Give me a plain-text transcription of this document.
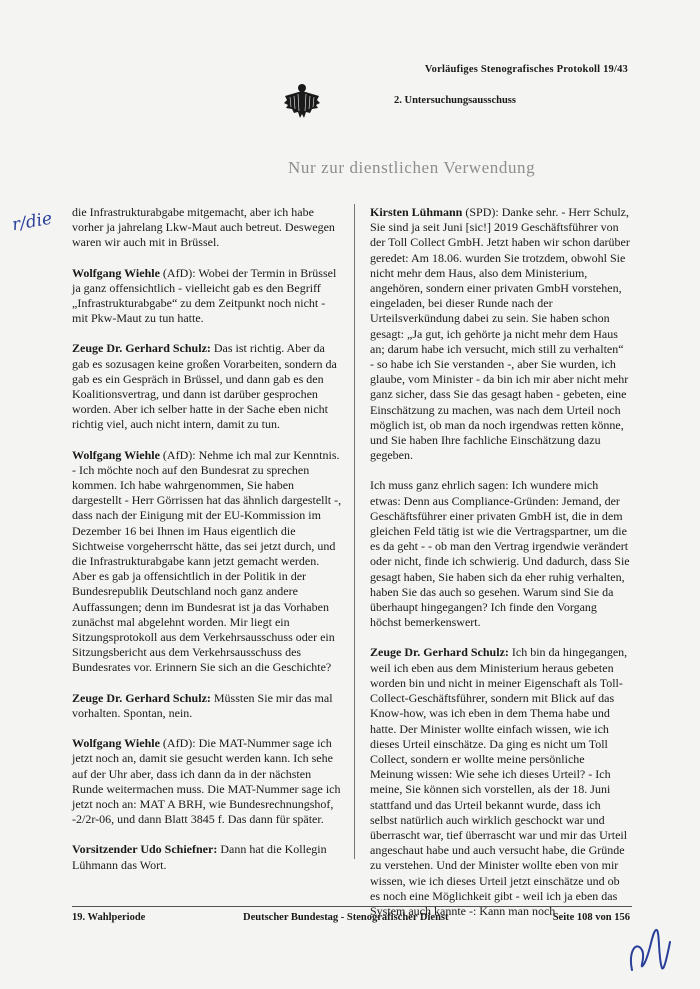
Vorläufiges Stenografisches Protokoll 19/43
2. Untersuchungsausschuss
Nur zur dienstlichen Verwendung
r/die die Infrastrukturabgabe mitgemacht, aber ich habe vorher ja jahrelang Lkw-Maut auch betreut. Deswegen waren wir auch mit in Brüssel.

Wolfgang Wiehle (AfD): Wobei der Termin in Brüssel ja ganz offensichtlich - vielleicht gab es den Begriff „Infrastrukturabgabe“ zu dem Zeitpunkt noch nicht - mit Pkw-Maut zu tun hatte.

Zeuge Dr. Gerhard Schulz: Das ist richtig. Aber da gab es sozusagen keine großen Vorarbeiten, sondern da gab es ein Gespräch in Brüssel, und dann gab es den Koalitionsvertrag, und dann ist darüber gesprochen worden. Aber ich selber hatte in der Sache eben nicht richtig viel, auch nicht intern, damit zu tun.

Wolfgang Wiehle (AfD): Nehme ich mal zur Kenntnis. - Ich möchte noch auf den Bundesrat zu sprechen kommen. Ich habe wahrgenommen, Sie haben dargestellt - Herr Görrissen hat das ähnlich dargestellt -, dass nach der Einigung mit der EU-Kommission im Dezember 16 bei Ihnen im Haus eigentlich die Sichtweise vorgeherrscht hätte, das sei jetzt durch, und die Infrastrukturabgabe kann jetzt gemacht werden. Aber es gab ja offensichtlich in der Politik in der Bundesrepublik Deutschland noch ganz andere Auffassungen; denn im Bundesrat ist ja das Vorhaben zunächst mal abgelehnt worden. Mir liegt ein Sitzungsprotokoll aus dem Verkehrsausschuss oder ein Sitzungsbericht aus dem Verkehrsausschuss des Bundesrates vor. Erinnern Sie sich an die Geschichte?

Zeuge Dr. Gerhard Schulz: Müssten Sie mir das mal vorhalten. Spontan, nein.

Wolfgang Wiehle (AfD): Die MAT-Nummer sage ich jetzt noch an, damit sie gesucht werden kann. Ich sehe auf der Uhr aber, dass ich dann da in der nächsten Runde weitermachen muss. Die MAT-Nummer sage ich jetzt noch an: MAT A BRH, wie Bundesrechnungshof, -2/2r-06, und dann Blatt 3845 f. Das dann für später.

Vorsitzender Udo Schiefner: Dann hat die Kollegin Lühmann das Wort.

Kirsten Lühmann (SPD): Danke sehr. - Herr Schulz, Sie sind ja seit Juni [sic!] 2019 Geschäftsführer von der Toll Collect GmbH. Jetzt haben wir schon darüber geredet: Am 18.06. wurden Sie trotzdem, obwohl Sie nicht mehr dem Haus, also dem Ministerium, angehören, sondern einer privaten GmbH vorstehen, eingeladen, bei dieser Runde nach der Urteilsverkündung dabei zu sein. Sie haben schon gesagt: „Ja gut, ich gehörte ja nicht mehr dem Haus an; darum habe ich versucht, mich still zu verhalten“ - so habe ich Sie verstanden -, aber Sie wurden, ich glaube, vom Minister - da bin ich mir aber nicht mehr ganz sicher, dass Sie das gesagt haben - gebeten, eine Einschätzung zu machen, was nach dem Urteil noch möglich ist, ob man da noch irgendwas retten könne, und Sie haben Ihre fachliche Einschätzung dazu gegeben.

Ich muss ganz ehrlich sagen: Ich wundere mich etwas: Denn aus Compliance-Gründen: Jemand, der Geschäftsführer einer privaten GmbH ist, die in dem gleichen Feld tätig ist wie die Vertragspartner, um die es da geht - - ob man den Vertrag irgendwie verändert oder nicht, finde ich schwierig. Und dadurch, dass Sie gesagt haben, Sie haben sich da eher ruhig verhalten, haben Sie das auch so gesehen. Warum sind Sie da überhaupt hingegangen? Ich finde den Vorgang höchst bemerkenswert.

Zeuge Dr. Gerhard Schulz: Ich bin da hingegangen, weil ich eben aus dem Ministerium heraus gebeten worden bin und nicht in meiner Eigenschaft als Toll-Collect-Geschäftsführer, sondern mit Blick auf das Know-how, was ich eben in dem Thema habe und hatte. Der Minister wollte einfach wissen, wie ich dieses Urteil einschätze. Da ging es nicht um Toll Collect, sondern er wollte meine persönliche Meinung wissen: Wie sehe ich dieses Urteil? - Ich meine, Sie können sich vorstellen, als der 18. Juni stattfand und das Urteil bekannt wurde, dass ich selbst natürlich auch wirklich geschockt war und überrascht war, tief überrascht war und mir das Urteil angeschaut habe und auch versucht habe, die Gründe zu verstehen. Und der Minister wollte eben von mir wissen, wie ich dieses Urteil jetzt einschätze und ob es noch eine Möglichkeit gibt - weil ich ja eben das System auch kannte -: Kann man noch

19. Wahlperiode	Deutscher Bundestag - Stenografischer Dienst	Seite 108 von 156
